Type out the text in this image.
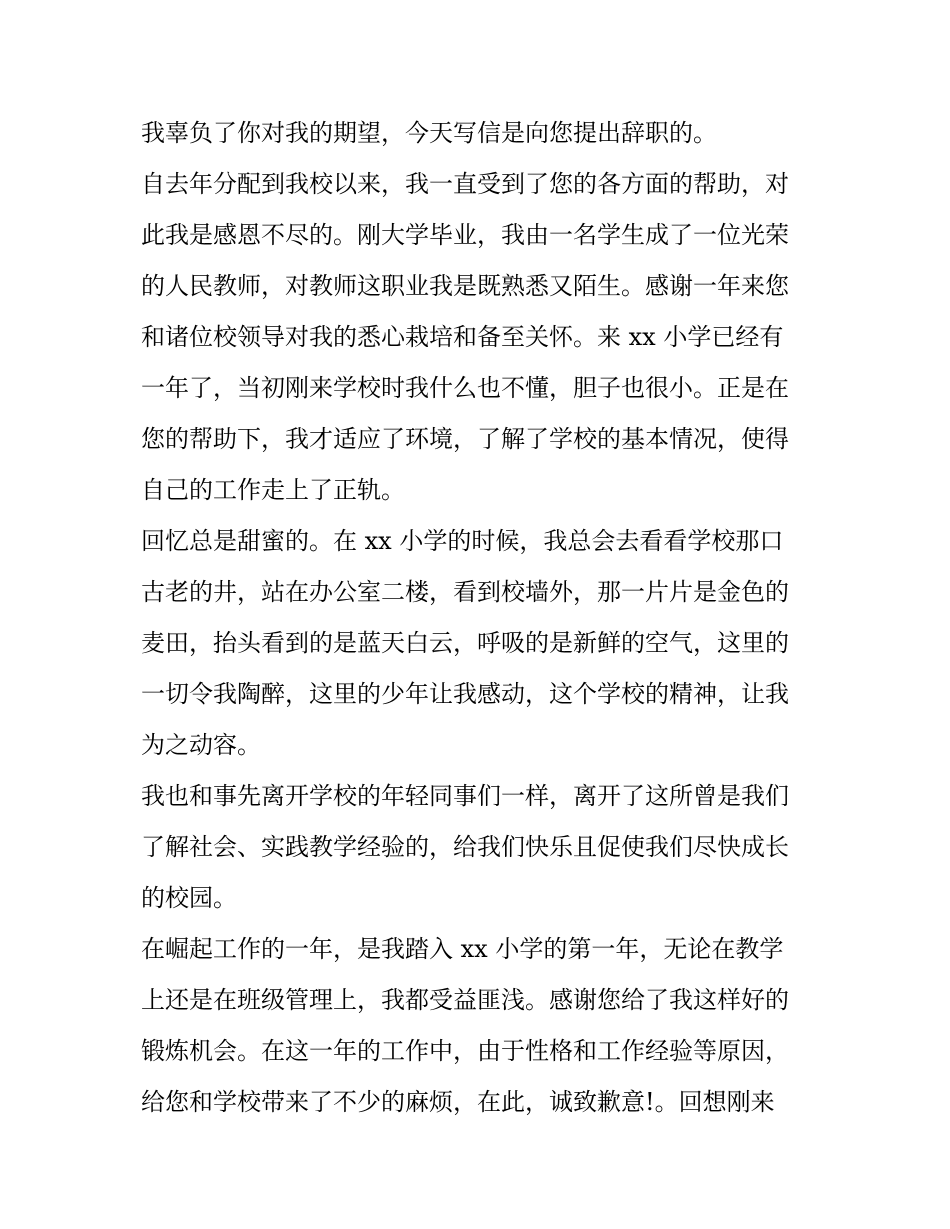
我辜负了你对我的期望，今天写信是向您提出辞职的。
自去年分配到我校以来，我一直受到了您的各方面的帮助，对
此我是感恩不尽的。刚大学毕业，我由一名学生成了一位光荣
的人民教师，对教师这职业我是既熟悉又陌生。感谢一年来您
和诸位校领导对我的悉心栽培和备至关怀。来 xx 小学已经有
一年了，当初刚来学校时我什么也不懂，胆子也很小。正是在
您的帮助下，我才适应了环境，了解了学校的基本情况，使得
自己的工作走上了正轨。
回忆总是甜蜜的。在 xx 小学的时候，我总会去看看学校那口
古老的井，站在办公室二楼，看到校墙外，那一片片是金色的
麦田，抬头看到的是蓝天白云，呼吸的是新鲜的空气，这里的
一切令我陶醉，这里的少年让我感动，这个学校的精神，让我
为之动容。
我也和事先离开学校的年轻同事们一样，离开了这所曾是我们
了解社会、实践教学经验的，给我们快乐且促使我们尽快成长
的校园。
在崛起工作的一年，是我踏入 xx 小学的第一年，无论在教学
上还是在班级管理上，我都受益匪浅。感谢您给了我这样好的
锻炼机会。在这一年的工作中，由于性格和工作经验等原因，
给您和学校带来了不少的麻烦，在此，诚致歉意!。回想刚来
